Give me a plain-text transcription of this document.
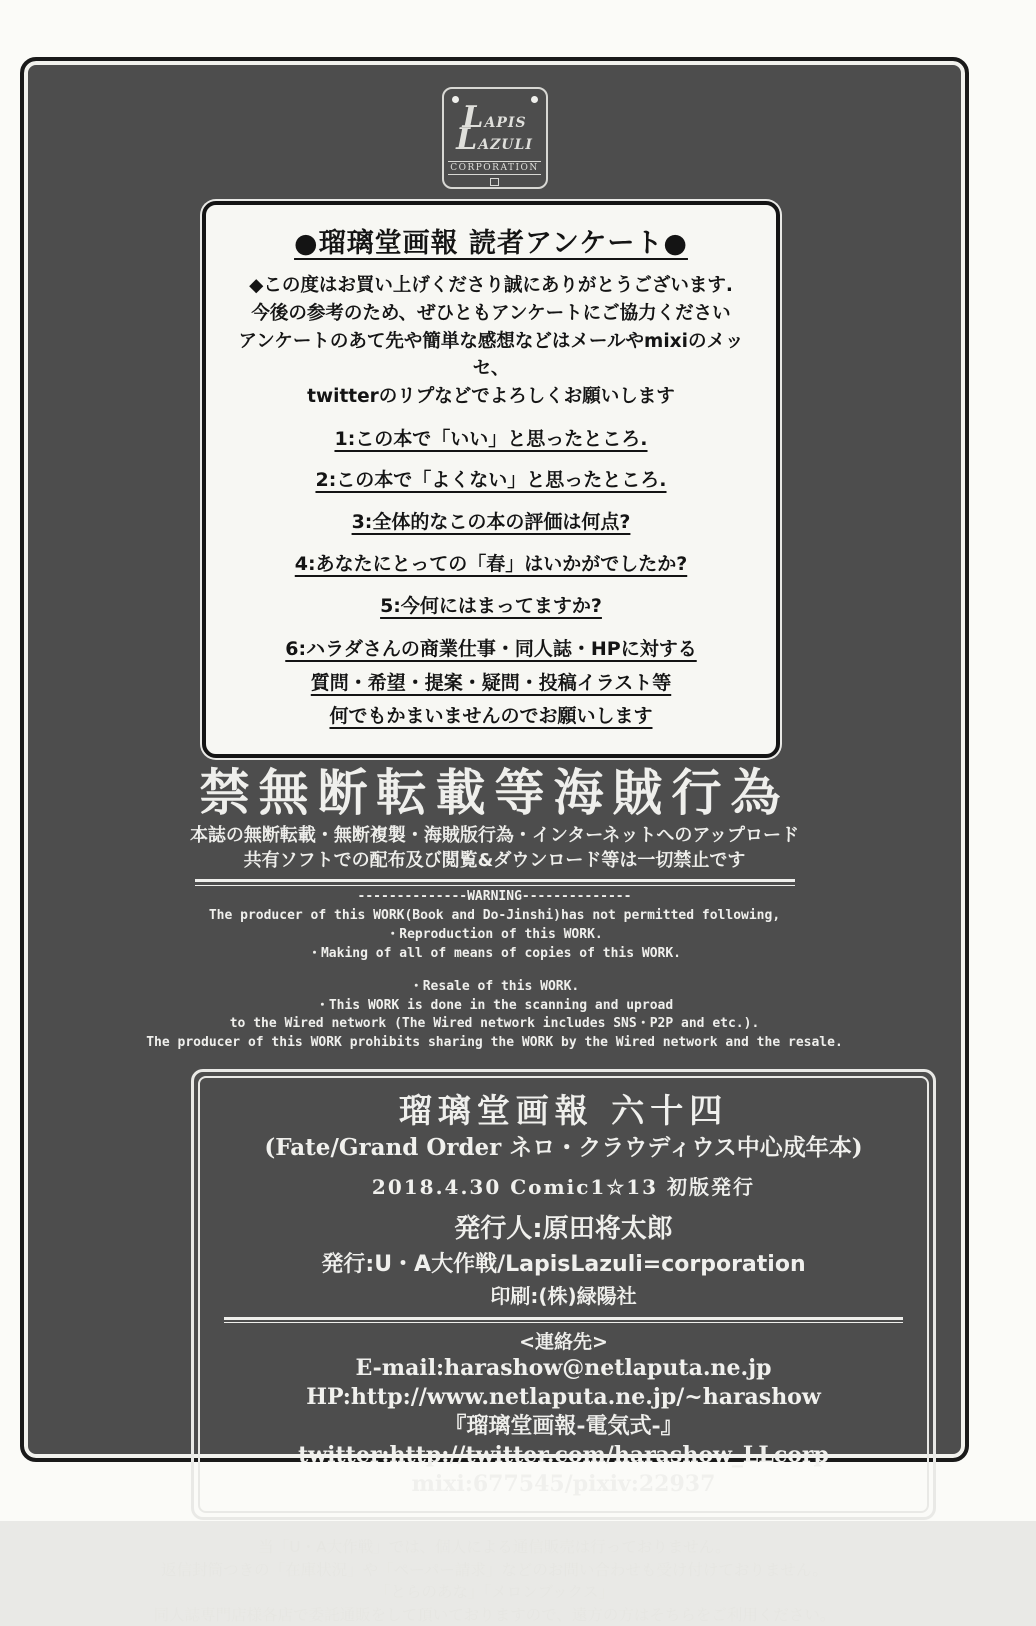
LAPIS
LAZULI
CORPORATION
●瑠璃堂画報 読者アンケート●
◆この度はお買い上げくださり誠にありがとうございます.
今後の参考のため、ぜひともアンケートにご協力ください
アンケートのあて先や簡単な感想などはメールやmixiのメッセ、
twitterのリプなどでよろしくお願いします
1:この本で「いい」と思ったところ.
2:この本で「よくない」と思ったところ.
3:全体的なこの本の評価は何点?
4:あなたにとっての「春」はいかがでしたか?
5:今何にはまってますか?
6:ハラダさんの商業仕事・同人誌・HPに対する
質問・希望・提案・疑問・投稿イラスト等
何でもかまいませんのでお願いします
禁無断転載等海賊行為
本誌の無断転載・無断複製・海賊版行為・インターネットへのアップロード
共有ソフトでの配布及び閲覧&ダウンロード等は一切禁止です
--------------WARNING--------------
The producer of this WORK(Book and Do-Jinshi)has not permitted following,
・Reproduction of this WORK.
・Making of all of means of copies of this WORK.
・Resale of this WORK.
・This WORK is done in the scanning and uproad
to the Wired network (The Wired network includes SNS・P2P and etc.).
The producer of this WORK prohibits sharing the WORK by the Wired network and the resale.
瑠璃堂画報 六十四
(Fate/Grand Order ネロ・クラウディウス中心成年本)
2018.4.30 Comic1☆13 初版発行
発行人:原田将太郎
発行:U・A大作戦/LapisLazuli=corporation
印刷:(株)緑陽社
<連絡先>
E-mail:harashow@netlaputa.ne.jp
HP:http://www.netlaputa.ne.jp/~harashow
『瑠璃堂画報-電気式-』
twitter:http://twitter.com/harashow_LLcorp
mixi:677545/pixiv:22937
当「U・A大作戦」では、個人による通信販売は行っておりません。
返信封筒つきの「在庫状況」や「ペーパー請求」などのお問い合わせも受け付けておりません。
「とらのあな」「メロンブックス」
同人誌専門店様各店で委託通販をして頂いておりますので、遠方の方はそちらをご利用ください。
